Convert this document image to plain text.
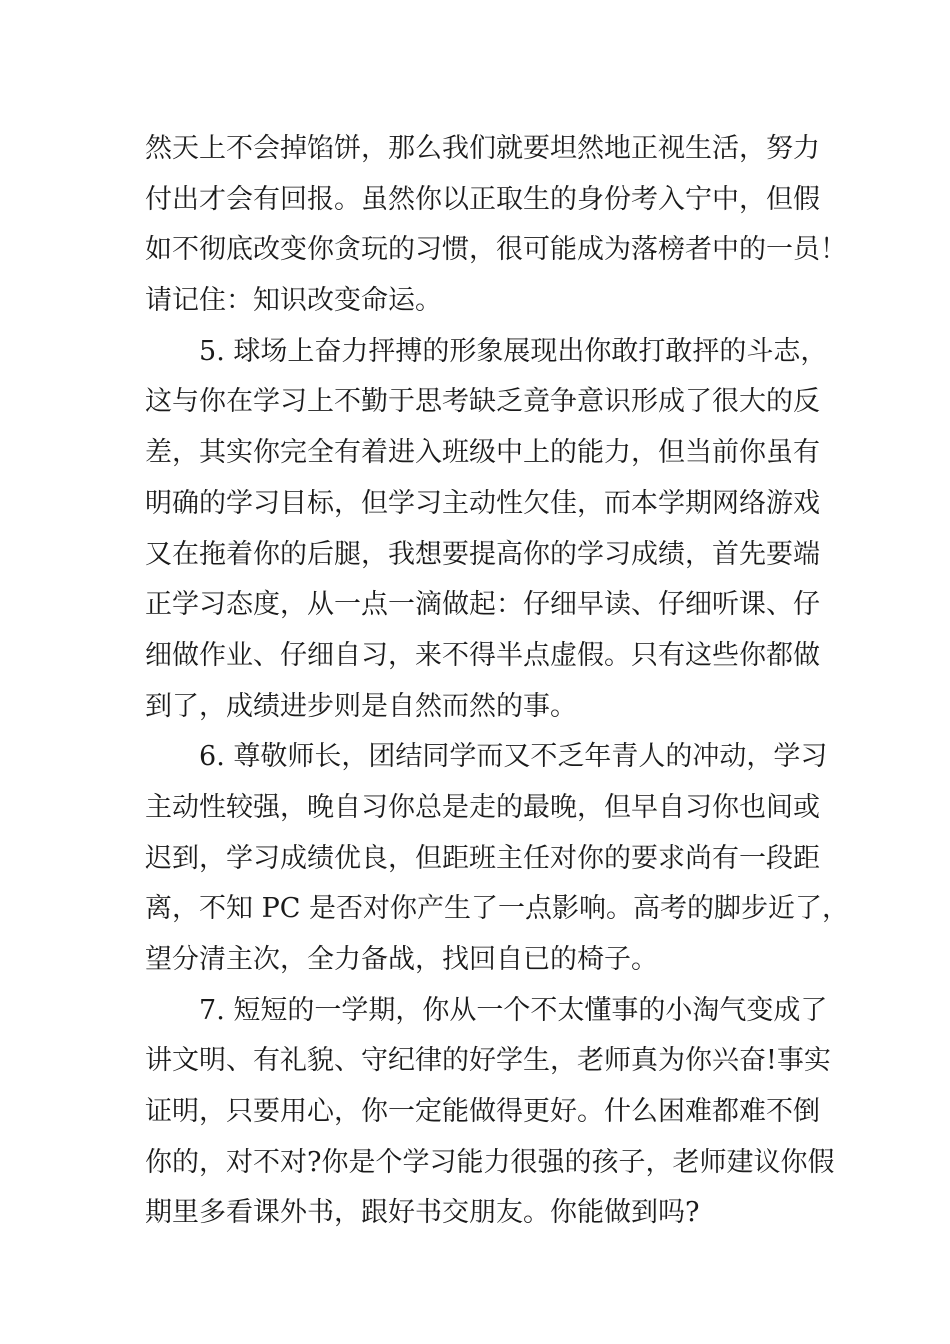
然 天 上 不 会 掉 馅 饼 ， 那 么 我 们 就 要 坦 然 地 正 视 生 活 ， 努 力
付 出 才 会 有 回 报 。 虽 然 你 以 正 取 生 的 身 份 考 入 宁 中 ， 但 假
如 不 彻 底 改 变 你 贪 玩 的 习 惯 ， 很 可 能 成 为 落 榜 者 中 的 一 员 ！
请记住：知识改变命运。
5 .
球 场 上 奋 力 抨 搏 的 形 象 展 现 出 你 敢 打 敢 抨 的 斗 志 ，
这 与 你 在 学 习 上 不 勤 于 思 考 缺 乏 竟 争 意 识 形 成 了 很 大 的 反
差 ， 其 实 你 完 全 有 着 进 入 班 级 中 上 的 能 力 ， 但 当 前 你 虽 有
明 确 的 学 习 目 标 ， 但 学 习 主 动 性 欠 佳 ， 而 本 学 期 网 络 游 戏
又 在 拖 着 你 的 后 腿 ， 我 想 要 提 高 你 的 学 习 成 绩 ， 首 先 要 端
正 学 习 态 度 ， 从 一 点 一 滴 做 起 ： 仔 细 早 读 、 仔 细 听 课 、 仔
细 做 作 业 、 仔 细 自 习 ， 来 不 得 半 点 虚 假 。 只 有 这 些 你 都 做
到了，成绩进步则是自然而然的事。
6 .
尊 敬 师 长 ， 团 结 同 学 而 又 不 乏 年 青 人 的 冲 动 ， 学 习
主 动 性 较 强 ， 晚 自 习 你 总 是 走 的 最 晚 ， 但 早 自 习 你 也 间 或
迟 到 ， 学 习 成 绩 优 良 ， 但 距 班 主 任 对 你 的 要 求 尚 有 一 段 距
离 ， 不 知
P C
是 否 对 你 产 生 了 一 点 影 响 。 高 考 的 脚 步 近 了 ，
望分清主次，全力备战，找回自已的椅子。
7 .
短 短 的 一 学 期 ， 你 从 一 个 不 太 懂 事 的 小 淘 气 变 成 了
讲 文 明 、 有 礼 貌 、 守 纪 律 的 好 学 生 ， 老 师 真 为 你 兴 奋 ! 事 实
证 明 ， 只 要 用 心 ， 你 一 定 能 做 得 更 好 。 什 么 困 难 都 难 不 倒
你 的 ， 对 不 对 ? 你 是 个 学 习 能 力 很 强 的 孩 子 ， 老 师 建 议 你 假
期里多看课外书，跟好书交朋友。你能做到吗?
